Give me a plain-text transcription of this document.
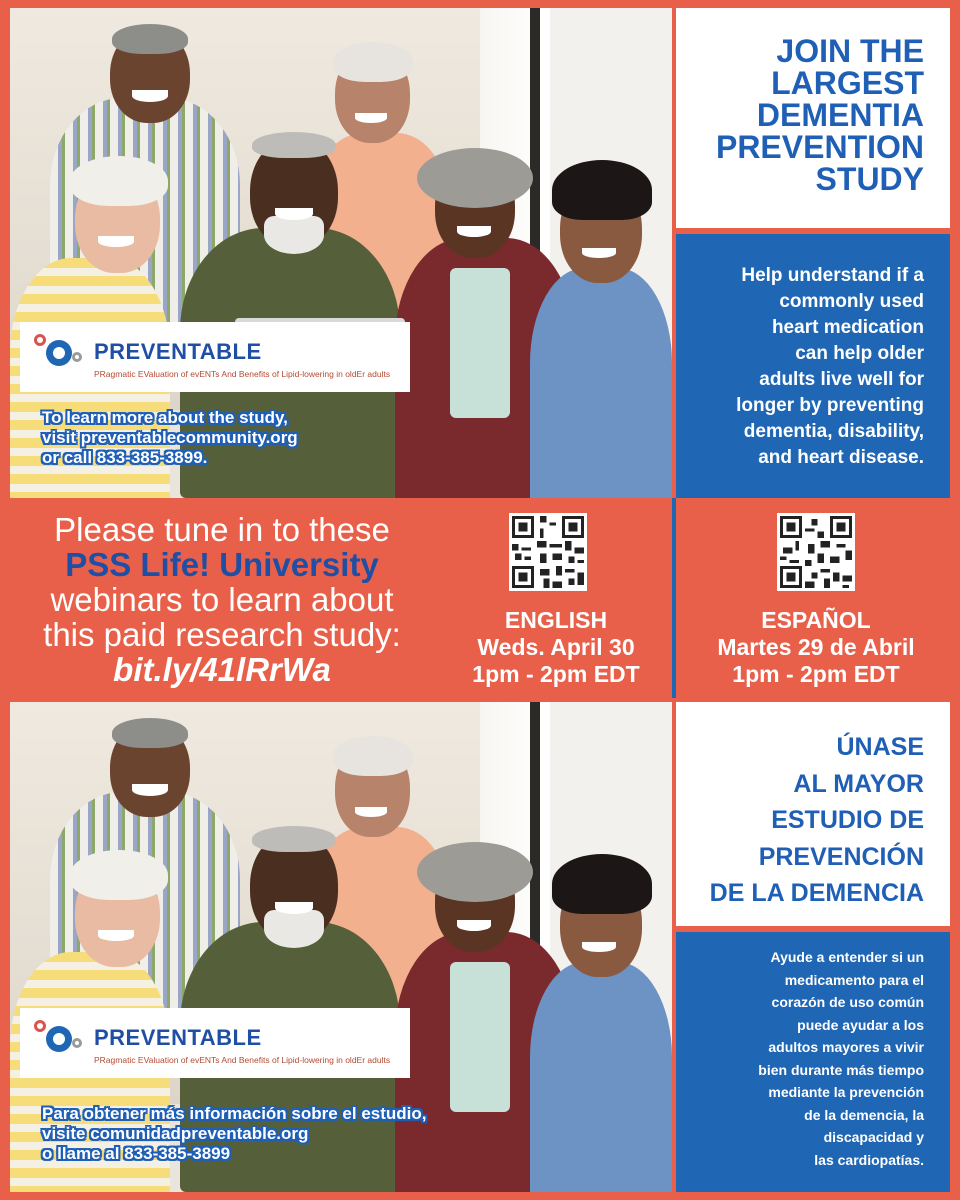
PREVENTABLE
PRagmatic EValuation of evENTs And Benefits of Lipid-lowering in oldEr adults
To learn more about the study,
visit preventablecommunity.org
or call 833-385-3899.
JOIN THE
LARGEST
DEMENTIA
PREVENTION
STUDY
Help understand if a
commonly used
heart medication
can help older
adults live well for
longer by preventing
dementia, disability,
and heart disease.
Please tune in to these
PSS Life! University
webinars to learn about
this paid research study:
bit.ly/41lRrWa
ENGLISH
Weds. April 30
1pm - 2pm EDT
ESPAÑOL
Martes 29 de Abril
1pm - 2pm EDT
PREVENTABLE
PRagmatic EValuation of evENTs And Benefits of Lipid-lowering in oldEr adults
Para obtener más información sobre el estudio,
visite comunidadpreventable.org
o llame al 833-385-3899
ÚNASE
AL MAYOR
ESTUDIO DE
PREVENCIÓN
DE LA DEMENCIA
Ayude a entender si un
medicamento para el
corazón de uso común
puede ayudar a los
adultos mayores a vivir
bien durante más tiempo
mediante la prevención
de la demencia, la
discapacidad y
las cardiopatías.
